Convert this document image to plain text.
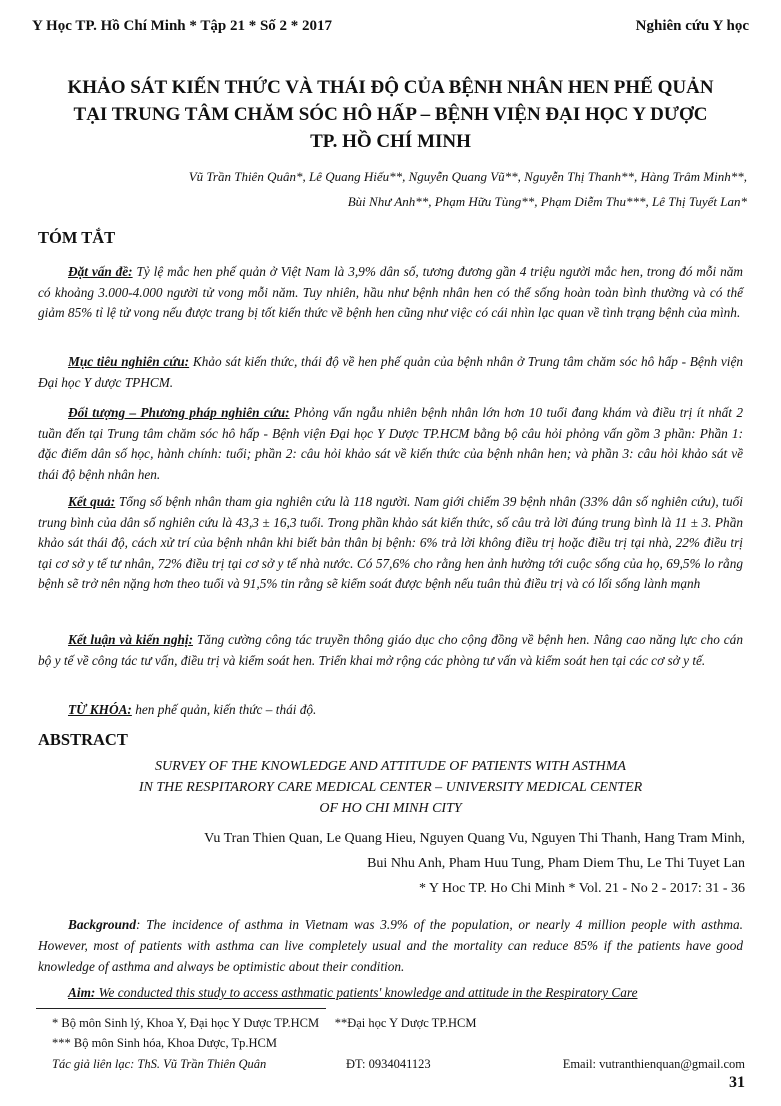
Y Học TP. Hồ Chí Minh * Tập 21 * Số 2 * 2017	Nghiên cứu Y học
KHẢO SÁT KIẾN THỨC VÀ THÁI ĐỘ CỦA BỆNH NHÂN HEN PHẾ QUẢN
TẠI TRUNG TÂM CHĂM SÓC HÔ HẤP – BỆNH VIỆN ĐẠI HỌC Y DƯỢC
TP. HỒ CHÍ MINH
Vũ Trần Thiên Quân*, Lê Quang Hiếu**, Nguyễn Quang Vũ**, Nguyễn Thị Thanh**, Hàng Trâm Minh**,
Bùi Như Anh**, Phạm Hữu Tùng**, Phạm Diễm Thu***, Lê Thị Tuyết Lan*
TÓM TẮT
Đặt vấn đề: Tỷ lệ mắc hen phế quản ở Việt Nam là 3,9% dân số, tương đương gần 4 triệu người mắc hen, trong đó mỗi năm có khoảng 3.000-4.000 người tử vong mỗi năm. Tuy nhiên, hầu như bệnh nhân hen có thể sống hoàn toàn bình thường và có thể giảm 85% tỉ lệ tử vong nếu được trang bị tốt kiến thức về bệnh hen cũng như việc có cái nhìn lạc quan về tình trạng bệnh của mình.
Mục tiêu nghiên cứu: Khảo sát kiến thức, thái độ về hen phế quản của bệnh nhân ở Trung tâm chăm sóc hô hấp - Bệnh viện Đại học Y dược TPHCM.
Đối tượng – Phương pháp nghiên cứu: Phỏng vấn ngẫu nhiên bệnh nhân lớn hơn 10 tuổi đang khám và điều trị ít nhất 2 tuần đến tại Trung tâm chăm sóc hô hấp - Bệnh viện Đại học Y Dược TP.HCM bằng bộ câu hỏi phỏng vấn gồm 3 phần: Phần 1: đặc điểm dân số học, hành chính: tuổi; phần 2: câu hỏi khảo sát về kiến thức của bệnh nhân hen; và phần 3: câu hỏi khảo sát về thái độ bệnh nhân hen.
Kết quả: Tổng số bệnh nhân tham gia nghiên cứu là 118 người. Nam giới chiếm 39 bệnh nhân (33% dân số nghiên cứu), tuổi trung bình của dân số nghiên cứu là 43,3 ± 16,3 tuổi. Trong phần khảo sát kiến thức, số câu trả lời đúng trung bình là 11 ± 3. Phần khảo sát thái độ, cách xử trí của bệnh nhân khi biết bản thân bị bệnh: 6% trả lời không điều trị hoặc điều trị tại nhà, 22% điều trị tại cơ sở y tế tư nhân, 72% điều trị tại cơ sở y tế nhà nước. Có 57,6% cho rằng hen ảnh hưởng tới cuộc sống của họ, 69,5% lo rằng bệnh sẽ trở nên nặng hơn theo tuổi và 91,5% tin rằng sẽ kiểm soát được bệnh nếu tuân thủ điều trị và có lối sống lành mạnh
Kết luận và kiến nghị: Tăng cường công tác truyền thông giáo dục cho cộng đồng về bệnh hen. Nâng cao năng lực cho cán bộ y tế về công tác tư vấn, điều trị và kiểm soát hen. Triển khai mở rộng các phòng tư vấn và kiểm soát hen tại các cơ sở y tế.
TỪ KHÓA: hen phế quản, kiến thức – thái độ.
ABSTRACT
SURVEY OF THE KNOWLEDGE AND ATTITUDE OF PATIENTS WITH ASTHMA
IN THE RESPITARORY CARE MEDICAL CENTER – UNIVERSITY MEDICAL CENTER
OF HO CHI MINH CITY
Vu Tran Thien Quan, Le Quang Hieu, Nguyen Quang Vu, Nguyen Thi Thanh, Hang Tram Minh,
Bui Nhu Anh, Pham Huu Tung, Pham Diem Thu, Le Thi Tuyet Lan
* Y Hoc TP. Ho Chi Minh * Vol. 21 - No 2 - 2017: 31 - 36
Background: The incidence of asthma in Vietnam was 3.9% of the population, or nearly 4 million people with asthma. However, most of patients with asthma can live completely usual and the mortality can reduce 85% if the patients have good knowledge of asthma and always be optimistic about their condition.
Aim: We conducted this study to access asthmatic patients' knowledge and attitude in the Respiratory Care
* Bộ môn Sinh lý, Khoa Y, Đại học Y Dược TP.HCM **Đại học Y Dược TP.HCM
*** Bộ môn Sinh hóa, Khoa Dược, Tp.HCM
Tác giả liên lạc: ThS. Vũ Trần Thiên Quân	ĐT: 0934041123	Email: vutranthienquan@gmail.com
31
